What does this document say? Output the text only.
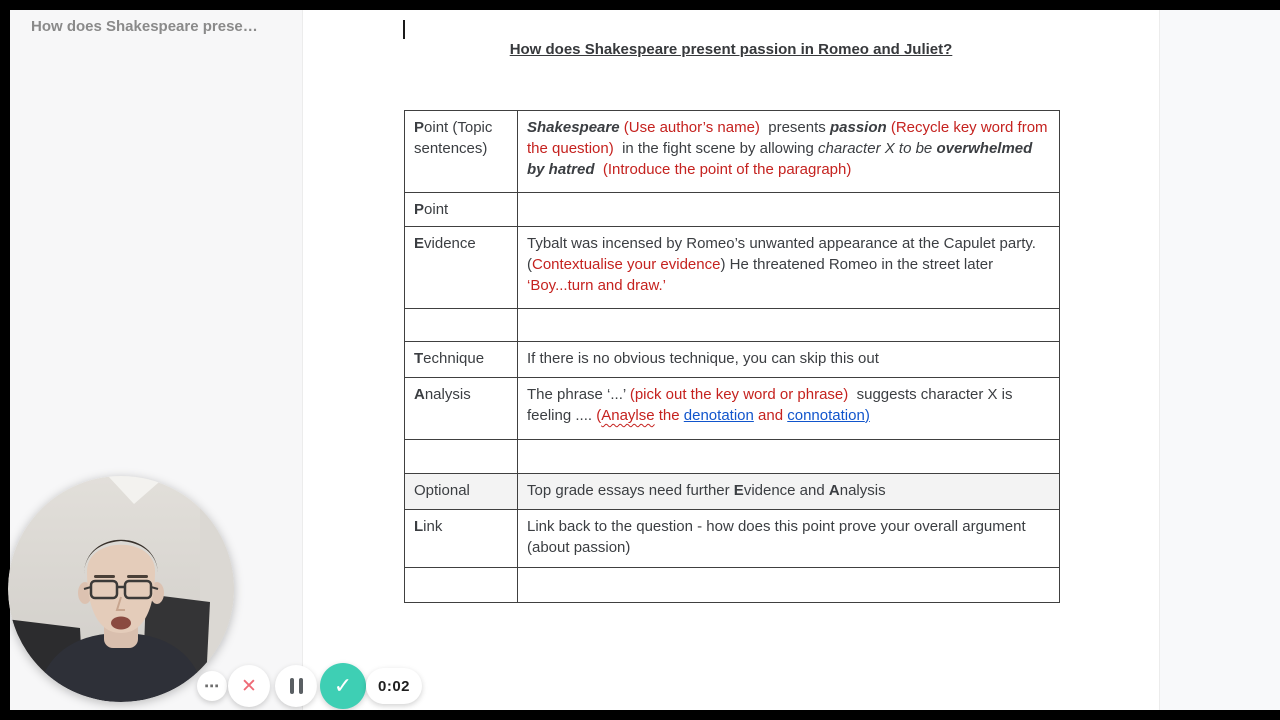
How does Shakespeare prese…
How does Shakespeare present passion in Romeo and Juliet?
Point (Topic sentences)	Shakespeare (Use author’s name)  presents passion (Recycle key word from the question)  in the fight scene by allowing character X to be overwhelmed by hatred (Introduce the point of the paragraph)
Point	
Evidence	Tybalt was incensed by Romeo’s unwanted appearance at the Capulet party. (Contextualise your evidence) He threatened Romeo in the street later  ‘Boy...turn and draw.’

Technique	If there is no obvious technique, you can skip this out
Analysis	The phrase ‘...’ (pick out the key word or phrase)  suggests character X is feeling .... (Anaylse the denotation and connotation)

Optional	Top grade essays need further Evidence and Analysis
Link	Link back to the question - how does this point prove your overall argument (about passion)

⋯ ✕	✓	0:02
